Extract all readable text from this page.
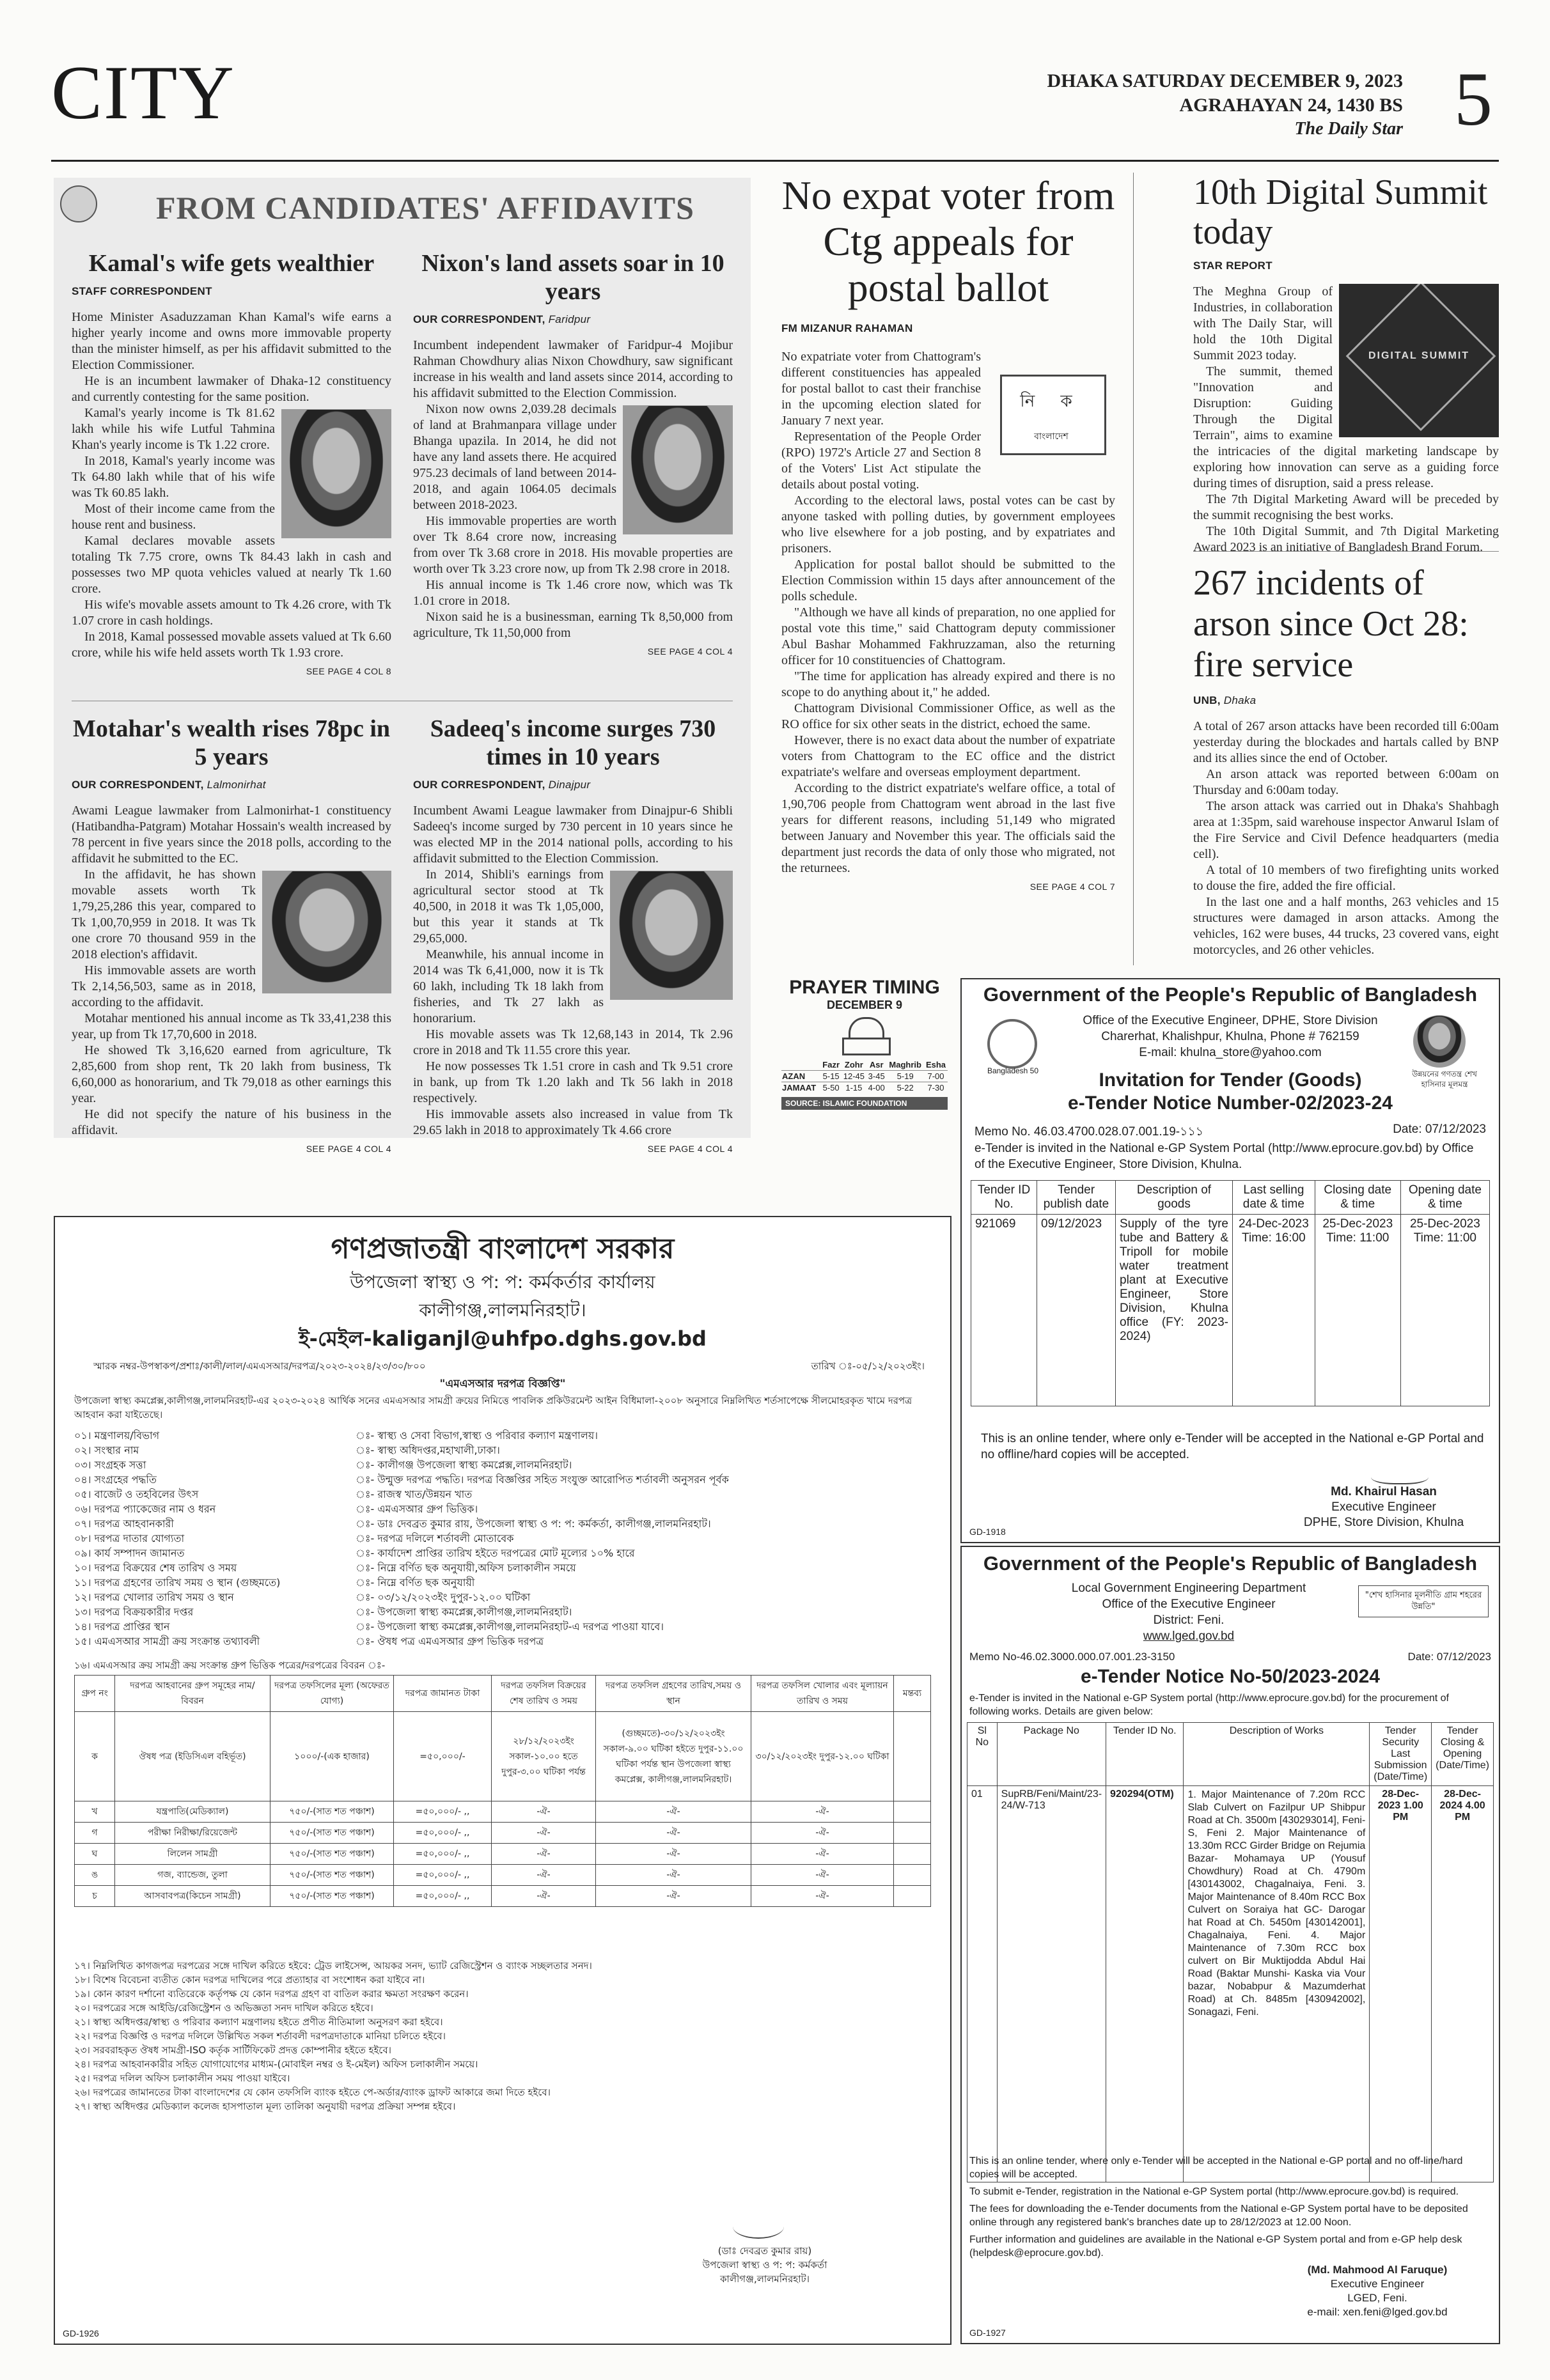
CITY	DHAKA SATURDAY DECEMBER 9, 2023
AGRAHAYAN 24, 1430 BS
The Daily Star 5
FROM CANDIDATES' AFFIDAVITS
Kamal's wife gets wealthier
STAFF CORRESPONDENT

Home Minister Asaduzzaman Khan Kamal's wife earns a higher yearly income and owns more immovable property than the minister himself, as per his affidavit submitted to the Election Commissioner.

He is an incumbent lawmaker of Dhaka-12 constituency and currently contesting for the same position.

Kamal's yearly income is Tk 81.62 lakh while his wife Lutful Tahmina Khan's yearly income is Tk 1.22 crore.

In 2018, Kamal's yearly income was Tk 64.80 lakh while that of his wife was Tk 60.85 lakh.

Most of their income came from the house rent and business.

Kamal declares movable assets totaling Tk 7.75 crore, owns Tk 84.43 lakh in cash and possesses two MP quota vehicles valued at nearly Tk 1.60 crore.

His wife's movable assets amount to Tk 4.26 crore, with Tk 1.07 crore in cash holdings.

In 2018, Kamal possessed movable assets valued at Tk 6.60 crore, while his wife held assets worth Tk 1.93 crore.

SEE PAGE 4 COL 8
Nixon's land assets soar in 10 years
OUR CORRESPONDENT, Faridpur

Incumbent independent lawmaker of Faridpur-4 Mojibur Rahman Chowdhury alias Nixon Chowdhury, saw significant increase in his wealth and land assets since 2014, according to his affidavit submitted to the Election Commission.

Nixon now owns 2,039.28 decimals of land at Brahmanpara village under Bhanga upazila. In 2014, he did not have any land assets there. He acquired 975.23 decimals of land between 2014-2018, and again 1064.05 decimals between 2018-2023.

His immovable properties are worth over Tk 8.64 crore now, increasing from over Tk 3.68 crore in 2018. His movable properties are worth over Tk 3.23 crore now, up from Tk 2.98 crore in 2018.

His annual income is Tk 1.46 crore now, which was Tk 1.01 crore in 2018.

Nixon said he is a businessman, earning Tk 8,50,000 from agriculture, Tk 11,50,000 from

SEE PAGE 4 COL 4
Motahar's wealth rises 78pc in 5 years
OUR CORRESPONDENT, Lalmonirhat

Awami League lawmaker from Lalmonirhat-1 constituency (Hatibandha-Patgram) Motahar Hossain's wealth increased by 78 percent in five years since the 2018 polls, according to the affidavit he submitted to the EC.

In the affidavit, he has shown movable assets worth Tk 1,79,25,286 this year, compared to Tk 1,00,70,959 in 2018. It was Tk one crore 70 thousand 959 in the 2018 election's affidavit.

His immovable assets are worth Tk 2,14,56,503, same as in 2018, according to the affidavit.

Motahar mentioned his annual income as Tk 33,41,238 this year, up from Tk 17,70,600 in 2018.

He showed Tk 3,16,620 earned from agriculture, Tk 2,85,600 from shop rent, Tk 20 lakh from business, Tk 6,60,000 as honorarium, and Tk 79,018 as other earnings this year.

He did not specify the nature of his business in the affidavit.

SEE PAGE 4 COL 4
Sadeeq's income surges 730 times in 10 years
OUR CORRESPONDENT, Dinajpur

Incumbent Awami League lawmaker from Dinajpur-6 Shibli Sadeeq's income surged by 730 percent in 10 years since he was elected MP in the 2014 national polls, according to his affidavit submitted to the Election Commission.

In 2014, Shibli's earnings from agricultural sector stood at Tk 40,500, in 2018 it was Tk 1,05,000, but this year it stands at Tk 29,65,000.

Meanwhile, his annual income in 2014 was Tk 6,41,000, now it is Tk 60 lakh, including Tk 18 lakh from fisheries, and Tk 27 lakh as honorarium.

His movable assets was Tk 12,68,143 in 2014, Tk 2.96 crore in 2018 and Tk 11.55 crore this year.

He now possesses Tk 1.51 crore in cash and Tk 9.51 crore in bank, up from Tk 1.20 lakh and Tk 56 lakh in 2018 respectively.

His immovable assets also increased in value from Tk 29.65 lakh in 2018 to approximately Tk 4.66 crore

SEE PAGE 4 COL 4
No expat voter from Ctg appeals for postal ballot
FM MIZANUR RAHAMAN
নি ক
বাংলাদেশ

No expatriate voter from Chattogram's different constituencies has appealed for postal ballot to cast their franchise in the upcoming election slated for January 7 next year.

Representation of the People Order (RPO) 1972's Article 27 and Section 8 of the Voters' List Act stipulate the details about postal voting.

According to the electoral laws, postal votes can be cast by anyone tasked with polling duties, by government employees who live elsewhere for a job posting, and by expatriates and prisoners.

Application for postal ballot should be submitted to the Election Commission within 15 days after announcement of the polls schedule.

"Although we have all kinds of preparation, no one applied for postal vote this time," said Chattogram deputy commissioner Abul Bashar Mohammed Fakhruzzaman, also the returning officer for 10 constituencies of Chattogram.

"The time for application has already expired and there is no scope to do anything about it," he added.

Chattogram Divisional Commissioner Office, as well as the RO office for six other seats in the district, echoed the same.

However, there is no exact data about the number of expatriate voters from Chattogram to the EC office and the district expatriate's welfare and overseas employment department.

According to the district expatriate's welfare office, a total of 1,90,706 people from Chattogram went abroad in the last five years for different reasons, including 51,149 who migrated between January and November this year. The officials said the department just records the data of only those who migrated, not the returnees.

SEE PAGE 4 COL 7
10th Digital Summit today
STAR REPORT
DIGITAL SUMMIT

The Meghna Group of Industries, in collaboration with The Daily Star, will hold the 10th Digital Summit 2023 today.

The summit, themed "Innovation and Disruption: Guiding Through the Digital Terrain", aims to examine the intricacies of the digital marketing landscape by exploring how innovation can serve as a guiding force during times of disruption, said a press release.

The 7th Digital Marketing Award will be preceded by the summit recognising the best works.

The 10th Digital Summit, and 7th Digital Marketing Award 2023 is an initiative of Bangladesh Brand Forum.

267 incidents of arson since Oct 28: fire service
UNB, Dhaka

A total of 267 arson attacks have been recorded till 6:00am yesterday during the blockades and hartals called by BNP and its allies since the end of October.

An arson attack was reported between 6:00am on Thursday and 6:00am today.

The arson attack was carried out in Dhaka's Shahbagh area at 1:35pm, said warehouse inspector Anwarul Islam of the Fire Service and Civil Defence headquarters (media cell).

A total of 10 members of two firefighting units worked to douse the fire, added the fire official.

In the last one and a half months, 263 vehicles and 15 structures were damaged in arson attacks. Among the vehicles, 162 were buses, 44 trucks, 23 covered vans, eight motorcycles, and 26 other vehicles.

PRAYER TIMING
DECEMBER 9
	Fazr	Zohr	Asr	Maghrib	Esha
AZAN	5-15	12-45	3-45	5-19	7-00
JAMAAT	5-50	1-15	4-00	5-22	7-30
SOURCE: ISLAMIC FOUNDATION
Government of the People's Republic of Bangladesh
Bangladesh 50	উন্নয়নের গণতন্ত্র শেখ হাসিনার মূলমন্ত্র
Office of the Executive Engineer, DPHE, Store Division
Charerhat, Khalishpur, Khulna, Phone # 762159
E-mail: khulna_store@yahoo.com
Invitation for Tender (Goods)
e-Tender Notice Number-02/2023-24
Memo No. 46.03.4700.028.07.001.19-১১১	Date: 07/12/2023
e-Tender is invited in the National e-GP System Portal (http://www.eprocure.gov.bd) by Office of the Executive Engineer, Store Division, Khulna.
Tender ID No.	Tender publish date	Description of goods	Last selling date & time	Closing date & time	Opening date & time
921069	09/12/2023	Supply of the tyre tube and Battery & Tripoll for mobile water treatment plant at Executive Engineer, Store Division, Khulna office (FY: 2023-2024)	24-Dec-2023 Time: 16:00	25-Dec-2023 Time: 11:00	25-Dec-2023 Time: 11:00
This is an online tender, where only e-Tender will be accepted in the National e-GP Portal and no offline/hard copies will be accepted.
Md. Khairul Hasan
Executive Engineer
DPHE, Store Division, Khulna
GD-1918
Government of the People's Republic of Bangladesh
Local Government Engineering Department
Office of the Executive Engineer
District: Feni.
www.lged.gov.bd
"শেখ হাসিনার মূলনীতি গ্রাম শহরের উন্নতি"
Memo No-46.02.3000.000.07.001.23-3150	Date: 07/12/2023
e-Tender Notice No-50/2023-2024
e-Tender is invited in the National e-GP System portal (http://www.eprocure.gov.bd) for the procurement of following works. Details are given below:
Sl No	Package No	Tender ID No.	Description of Works	Tender Security Last Submission (Date/Time)	Tender Closing & Opening (Date/Time)
01	SupRB/Feni/Maint/23-24/W-713	920294(OTM)	1. Major Maintenance of 7.20m RCC Slab Culvert on Fazilpur UP Shibpur Road at Ch. 3500m [430293014], Feni-S, Feni 2. Major Maintenance of 13.30m RCC Girder Bridge on Rejumia Bazar- Mohamaya UP (Yousuf Chowdhury) Road at Ch. 4790m [430143002, Chagalnaiya, Feni. 3. Major Maintenance of 8.40m RCC Box Culvert on Soraiya hat GC- Darogar hat Road at Ch. 5450m [430142001], Chagalnaiya, Feni. 4. Major Maintenance of 7.30m RCC box culvert on Bir Muktijodda Abdul Hai Road (Baktar Munshi- Kaska via Vour bazar, Nobabpur & Mazumderhat Road) at Ch. 8485m [430942002], Sonagazi, Feni.	28-Dec-2023 1.00 PM	28-Dec-2024 4.00 PM
This is an online tender, where only e-Tender will be accepted in the National e-GP portal and no off-line/hard copies will be accepted.
To submit e-Tender, registration in the National e-GP System portal (http://www.eprocure.gov.bd) is required.
The fees for downloading the e-Tender documents from the National e-GP System portal have to be deposited online through any registered bank's branches date up to 28/12/2023 at 12.00 Noon.
Further information and guidelines are available in the National e-GP System portal and from e-GP help desk (helpdesk@eprocure.gov.bd).
(Md. Mahmood Al Faruque)
Executive Engineer
LGED, Feni.
e-mail: xen.feni@lged.gov.bd
GD-1927
গণপ্রজাতন্ত্রী বাংলাদেশ সরকার
উপজেলা স্বাস্থ্য ও প: প: কর্মকর্তার কার্যালয়
কালীগঞ্জ,লালমনিরহাট।
ই-মেইল-kaliganjl@uhfpo.dghs.gov.bd
স্মারক নম্বর-উপস্বাকপ/প্রশাঃ/কালী/লাল/এমএসআর/দরপত্র/২০২৩-২০২৪/২৩/৩০/৮০০	তারিখ ঃ-০৫/১২/২০২৩ইং।
"এমএসআর দরপত্র বিজ্ঞপ্তি"
উপজেলা স্বাস্থ্য কমপ্লেক্স,কালীগঞ্জ,লালমনিরহাট-এর ২০২৩-২০২৪ আর্থিক সনের এমএসআর সামগ্রী ক্রয়ের নিমিত্তে পাবলিক প্রকিউরমেন্ট আইন বিধিমালা-২০০৮ অনুসারে নিম্নলিখিত শর্তসাপেক্ষে সীলমোহরকৃত খামে দরপত্র আহবান করা যাইতেছে।
০১। মন্ত্রণালয়/বিভাগ	ঃ- স্বাস্থ্য ও সেবা বিভাগ,স্বাস্থ্য ও পরিবার কল্যাণ মন্ত্রণালয়।
০২। সংস্থার নাম	ঃ- স্বাস্থ্য অধিদপ্তর,মহাখালী,ঢাকা।
০৩। সংগ্রহক সত্তা	ঃ- কালীগঞ্জ উপজেলা স্বাস্থ্য কমপ্লেক্স,লালমনিরহাট।
০৪। সংগ্রহের পদ্ধতি	ঃ- উন্মুক্ত দরপত্র পদ্ধতি। দরপত্র বিজ্ঞপ্তির সহিত সংযুক্ত আরোপিত শর্তাবলী অনুসরন পূর্বক
০৫। বাজেট ও তহবিলের উৎস	ঃ- রাজস্ব খাত/উন্নয়ন খাত
০৬। দরপত্র প্যাকেজের নাম ও ধরন	ঃ- এমএসআর গ্রুপ ভিত্তিক।
০৭। দরপত্র আহবানকারী	ঃ- ডাঃ দেবব্রত কুমার রায়, উপজেলা স্বাস্থ্য ও প: প: কর্মকর্তা, কালীগঞ্জ,লালমনিরহাট।
০৮। দরপত্র দাতার যোগ্যতা	ঃ- দরপত্র দলিলে শর্তাবলী মোতাবেক
০৯। কার্য সম্পাদন জামানত	ঃ- কার্যাদেশ প্রাপ্তির তারিখ হইতে দরপত্রের মোট মূল্যের ১০% হারে
১০। দরপত্র বিক্রয়ের শেষ তারিখ ও সময়	ঃ- নিম্নে বর্ণিত ছক অনুযায়ী,অফিস চলাকালীন সময়ে
১১। দরপত্র গ্রহণের তারিখ সময় ও স্থান (গুচ্ছমতে)	ঃ- নিম্নে বর্ণিত ছক অনুযায়ী
১২। দরপত্র খোলার তারিখ সময় ও স্থান	ঃ- ০৩/১২/২০২৩ইং দুপুর-১২.০০ ঘটিকা
১৩। দরপত্র বিক্রয়কারীর দপ্তর	ঃ- উপজেলা স্বাস্থ্য কমপ্লেক্স,কালীগঞ্জ,লালমনিরহাট।
১৪। দরপত্র প্রাপ্তির স্থান	ঃ- উপজেলা স্বাস্থ্য কমপ্লেক্স,কালীগঞ্জ,লালমনিরহাট-এ দরপত্র পাওয়া যাবে।
১৫। এমএসআর সামগ্রী ক্রয় সংক্রান্ত তথ্যাবলী	ঃ- ঔষধ পত্র এমএসআর গ্রুপ ভিত্তিক দরপত্র
১৬। এমএসআর ক্রয় সামগ্রী ক্রয় সংক্রান্ত গ্রুপ ভিত্তিক পত্রের/দরপত্রের বিবরন ঃ-
গ্রুপ নং	দরপত্র আহবানের গ্রুপ সমূহের নাম/বিবরন	দরপত্র তফসিলের মূল্য (অফেরত যোগ্য)	দরপত্র জামানত টাকা	দরপত্র তফসিল বিক্রয়ের শেষ তারিখ ও সময়	দরপত্র তফসিল গ্রহণের তারিখ,সময় ও স্থান	দরপত্র তফসিল খোলার এবং মূল্যায়ন তারিখ ও সময়	মন্তব্য
ক	ঔষধ পত্র (ইডিসিএল বহির্ভূত)	১০০০/-(এক হাজার)	=৫০,০০০/-	২৮/১২/২০২৩ইং সকাল-১০.০০ হতে দুপুর-৩.০০ ঘটিকা পর্যন্ত	(গুচ্ছমতে)-৩০/১২/২০২৩ইং সকাল-৯.০০ ঘটিকা হইতে দুপুর-১১.০০ ঘটিকা পর্যন্ত স্থান উপজেলা স্বাস্থ্য কমপ্লেক্স, কালীগঞ্জ,লালমনিরহাট।	৩০/১২/২০২৩ইং দুপুর-১২.০০ ঘটিকা	
খ	যন্ত্রপাতি(মেডিক্যাল)	৭৫০/-(সাত শত পঞ্চাশ)	=৫০,০০০/- ,,	-ঐ-	-ঐ-	-ঐ-	
গ	পরীক্ষা নিরীক্ষা/রিয়েজেন্ট	৭৫০/-(সাত শত পঞ্চাশ)	=৫০,০০০/- ,,	-ঐ-	-ঐ-	-ঐ-	
ঘ	লিলেন সামগ্রী	৭৫০/-(সাত শত পঞ্চাশ)	=৫০,০০০/- ,,	-ঐ-	-ঐ-	-ঐ-	
ঙ	গজ, ব্যান্ডেজ, তুলা	৭৫০/-(সাত শত পঞ্চাশ)	=৫০,০০০/- ,,	-ঐ-	-ঐ-	-ঐ-	
চ	আসবাবপত্র(কিচেন সামগ্রী)	৭৫০/-(সাত শত পঞ্চাশ)	=৫০,০০০/- ,,	-ঐ-	-ঐ-	-ঐ-	
১৭। নিম্নলিখিত কাগজপত্র দরপত্রের সঙ্গে দাখিল করিতে হইবে: ট্রেড লাইসেন্স, আয়কর সনদ, ভ্যাট রেজিস্ট্রেশন ও ব্যাংক সচ্ছলতার সনদ।
১৮। বিশেষ বিবেচনা ব্যতীত কোন দরপত্র দাখিলের পরে প্রত্যাহার বা সংশোধন করা যাইবে না।
১৯। কোন কারণ দর্শানো ব্যতিরেকে কর্তৃপক্ষ যে কোন দরপত্র গ্রহণ বা বাতিল করার ক্ষমতা সংরক্ষণ করেন।
২০। দরপত্রের সঙ্গে আইডি/রেজিস্ট্রেশন ও অভিজ্ঞতা সনদ দাখিল করিতে হইবে।
২১। স্বাস্থ্য অধিদপ্তর/স্বাস্থ্য ও পরিবার কল্যাণ মন্ত্রণালয় হইতে প্রণীত নীতিমালা অনুসরণ করা হইবে।
২২। দরপত্র বিজ্ঞপ্তি ও দরপত্র দলিলে উল্লিখিত সকল শর্তাবলী দরপত্রদাতাকে মানিয়া চলিতে হইবে।
২৩। সরবরাহকৃত ঔষধ সামগ্রী-ISO কর্তৃক সার্টিফিকেট প্রদত্ত কোম্পানীর হইতে হইবে।
২৪। দরপত্র আহবানকারীর সহিত যোগাযোগের মাধ্যম-(মোবাইল নম্বর ও ই-মেইল) অফিস চলাকালীন সময়ে।
২৫। দরপত্র দলিল অফিস চলাকালীন সময় পাওয়া যাইবে।
২৬। দরপত্রের জামানতের টাকা বাংলাদেশের যে কোন তফসিলি ব্যাংক হইতে পে-অর্ডার/ব্যাংক ড্রাফট আকারে জমা দিতে হইবে।
২৭। স্বাস্থ্য অধিদপ্তর মেডিক্যাল কলেজ হাসপাতাল মূল্য তালিকা অনুযায়ী দরপত্র প্রক্রিয়া সম্পন্ন হইবে।
(ডাঃ দেবব্রত কুমার রায়)
উপজেলা স্বাস্থ্য ও প: প: কর্মকর্তা
কালীগঞ্জ,লালমনিরহাট।
GD-1926
